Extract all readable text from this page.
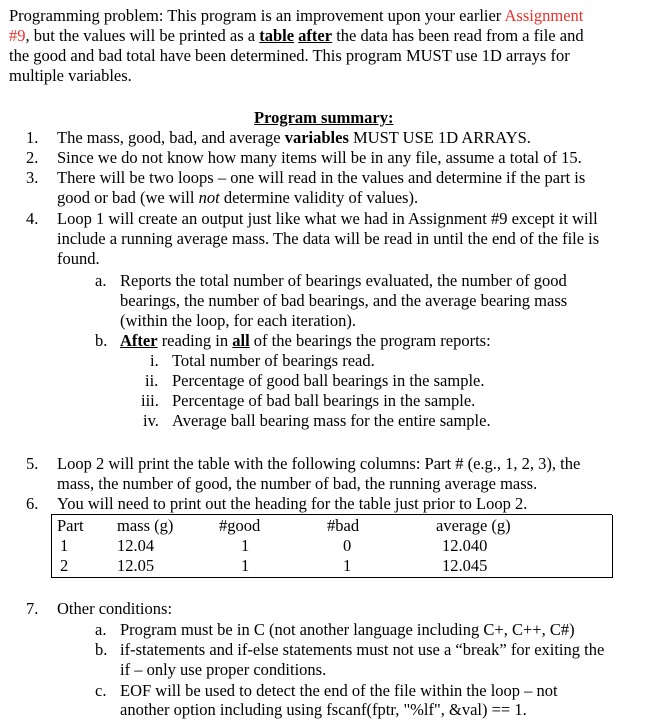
Programming problem: This program is an improvement upon your earlier Assignment
#9, but the values will be printed as a table after the data has been read from a file and
the good and bad total have been determined. This program MUST use 1D arrays for
multiple variables.
Program summary:
1. The mass, good, bad, and average variables MUST USE 1D ARRAYS.
2. Since we do not know how many items will be in any file, assume a total of 15.
3. There will be two loops – one will read in the values and determine if the part is
good or bad (we will not determine validity of values).
4. Loop 1 will create an output just like what we had in Assignment #9 except it will
include a running average mass. The data will be read in until the end of the file is
found.
a. Reports the total number of bearings evaluated, the number of good
bearings, the number of bad bearings, and the average bearing mass
(within the loop, for each iteration).
b. After reading in all of the bearings the program reports:
i. Total number of bearings read.
ii. Percentage of good ball bearings in the sample.
iii. Percentage of bad ball bearings in the sample.
iv. Average ball bearing mass for the entire sample.
5. Loop 2 will print the table with the following columns: Part # (e.g., 1, 2, 3), the
mass, the number of good, the number of bad, the running average mass.
6. You will need to print out the heading for the table just prior to Loop 2.
Part mass (g)	#good	#bad	average (g)
1	12.04	1	0	12.040
2	12.05	1	1	12.045
7. Other conditions:
a. Program must be in C (not another language including C+, C++, C#)
b. if-statements and if-else statements must not use a “break” for exiting the
if – only use proper conditions.
c. EOF will be used to detect the end of the file within the loop – not
another option including using fscanf(fptr, "%lf", &val) == 1.
